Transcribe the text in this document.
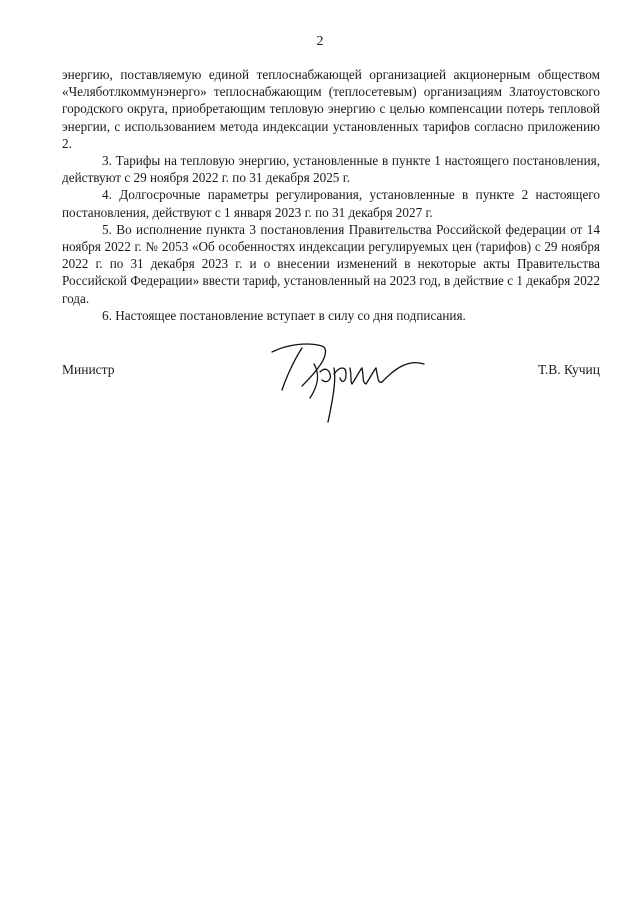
2

энергию, поставляемую единой теплоснабжающей организацией акционерным обществом «Челяботлкоммунэнерго» теплоснабжающим (теплосетевым) организациям Златоустовского городского округа, приобретающим тепловую энергию с целью компенсации потерь тепловой энергии, с использованием метода индексации установленных тарифов согласно приложению 2.

3. Тарифы на тепловую энергию, установленные в пункте 1 настоящего постановления, действуют с 29 ноября 2022 г. по 31 декабря 2025 г.

4. Долгосрочные параметры регулирования, установленные в пункте 2 настоящего постановления, действуют с 1 января 2023 г. по 31 декабря 2027 г.

5. Во исполнение пункта 3 постановления Правительства Российской федерации от 14 ноября 2022 г. № 2053 «Об особенностях индексации регулируемых цен (тарифов) с 29 ноября 2022 г. по 31 декабря 2023 г. и о внесении изменений в некоторые акты Правительства Российской Федерации» ввести тариф, установленный на 2023 год, в действие с 1 декабря 2022 года.

6. Настоящее постановление вступает в силу со дня подписания.

Министр	Т.В. Кучиц
